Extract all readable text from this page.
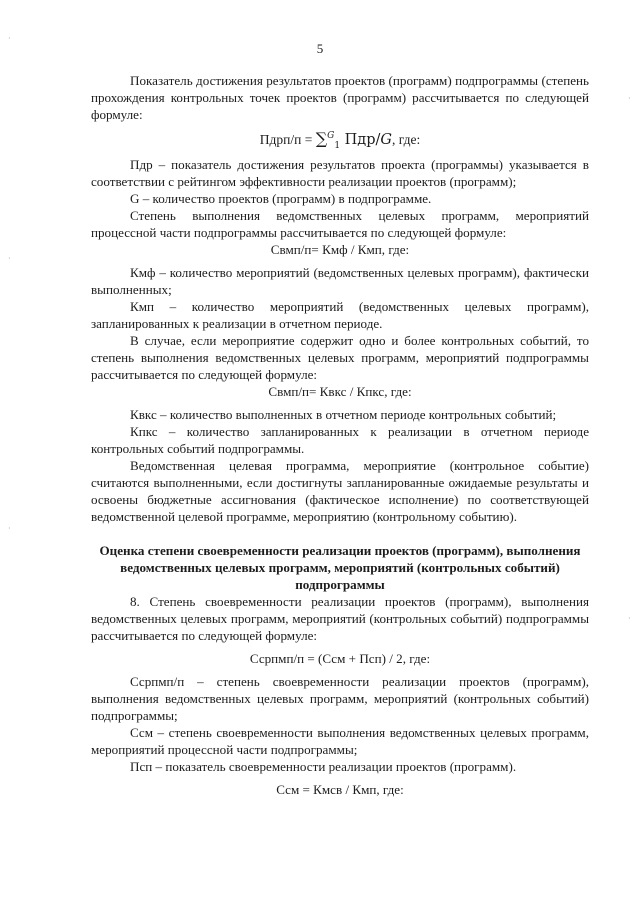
5

Показатель достижения результатов проектов (программ) подпрограммы (степень прохождения контрольных точек проектов (программ) рассчитывается по следующей формуле:

Пдрп/п = ∑$^G_1$ Пдр/G, где:

Пдр – показатель достижения результатов проекта (программы) указывается в соответствии с рейтингом эффективности реализации проектов (программ);

G – количество проектов (программ) в подпрограмме.

Степень выполнения ведомственных целевых программ, мероприятий процессной части подпрограммы рассчитывается по следующей формуле:

Свмп/п= Кмф / Кмп, где:

Кмф – количество мероприятий (ведомственных целевых программ), фактически выполненных;

Кмп – количество мероприятий (ведомственных целевых программ), запланированных к реализации в отчетном периоде.

В случае, если мероприятие содержит одно и более контрольных событий, то степень выполнения ведомственных целевых программ, мероприятий подпрограммы рассчитывается по следующей формуле:

Свмп/п= Квкс / Кпкс, где:

Квкс – количество выполненных в отчетном периоде контрольных событий;

Кпкс – количество запланированных к реализации в отчетном периоде контрольных событий подпрограммы.

Ведомственная целевая программа, мероприятие (контрольное событие) считаются выполненными, если достигнуты запланированные ожидаемые результаты и освоены бюджетные ассигнования (фактическое исполнение) по соответствующей ведомственной целевой программе, мероприятию (контрольному событию).

Оценка степени своевременности реализации проектов (программ), выполнения ведомственных целевых программ, мероприятий (контрольных событий) подпрограммы

8. Степень своевременности реализации проектов (программ), выполнения ведомственных целевых программ, мероприятий (контрольных событий) подпрограммы рассчитывается по следующей формуле:

Ссрпмп/п = (Ссм + Псп) / 2, где:

Ссрпмп/п – степень своевременности реализации проектов (программ), выполнения ведомственных целевых программ, мероприятий (контрольных событий) подпрограммы;

Ссм – степень своевременности выполнения ведомственных целевых программ, мероприятий процессной части подпрограммы;

Псп – показатель своевременности реализации проектов (программ).

Ссм = Кмсв / Кмп, где:

·
·
·
·
·
